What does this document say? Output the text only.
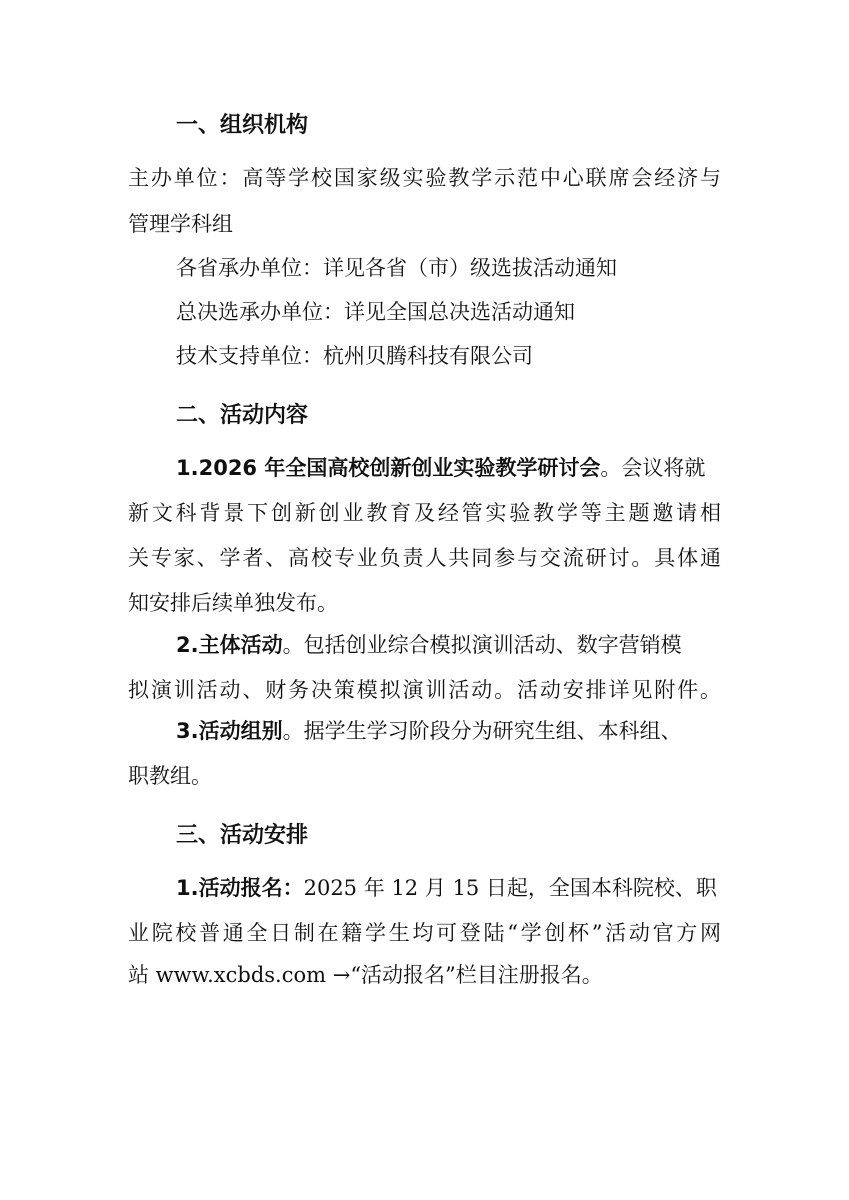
一、组织机构

主办单位：高等学校国家级实验教学示范中心联席会经济与

管理学科组

各省承办单位：详见各省（市）级选拔活动通知

总决选承办单位：详见全国总决选活动通知

技术支持单位：杭州贝腾科技有限公司

二、活动内容

1.2026 年全国高校创新创业实验教学研讨会。会议将就

新文科背景下创新创业教育及经管实验教学等主题邀请相

关专家、学者、高校专业负责人共同参与交流研讨。具体通

知安排后续单独发布。

2.主体活动。包括创业综合模拟演训活动、数字营销模

拟演训活动、财务决策模拟演训活动。活动安排详见附件。

3.活动组别。据学生学习阶段分为研究生组、本科组、

职教组。

三、活动安排

1.活动报名：2025 年 12 月 15 日起，全国本科院校、职

业院校普通全日制在籍学生均可登陆“学创杯”活动官方网

站 www.xcbds.com →“活动报名”栏目注册报名。
